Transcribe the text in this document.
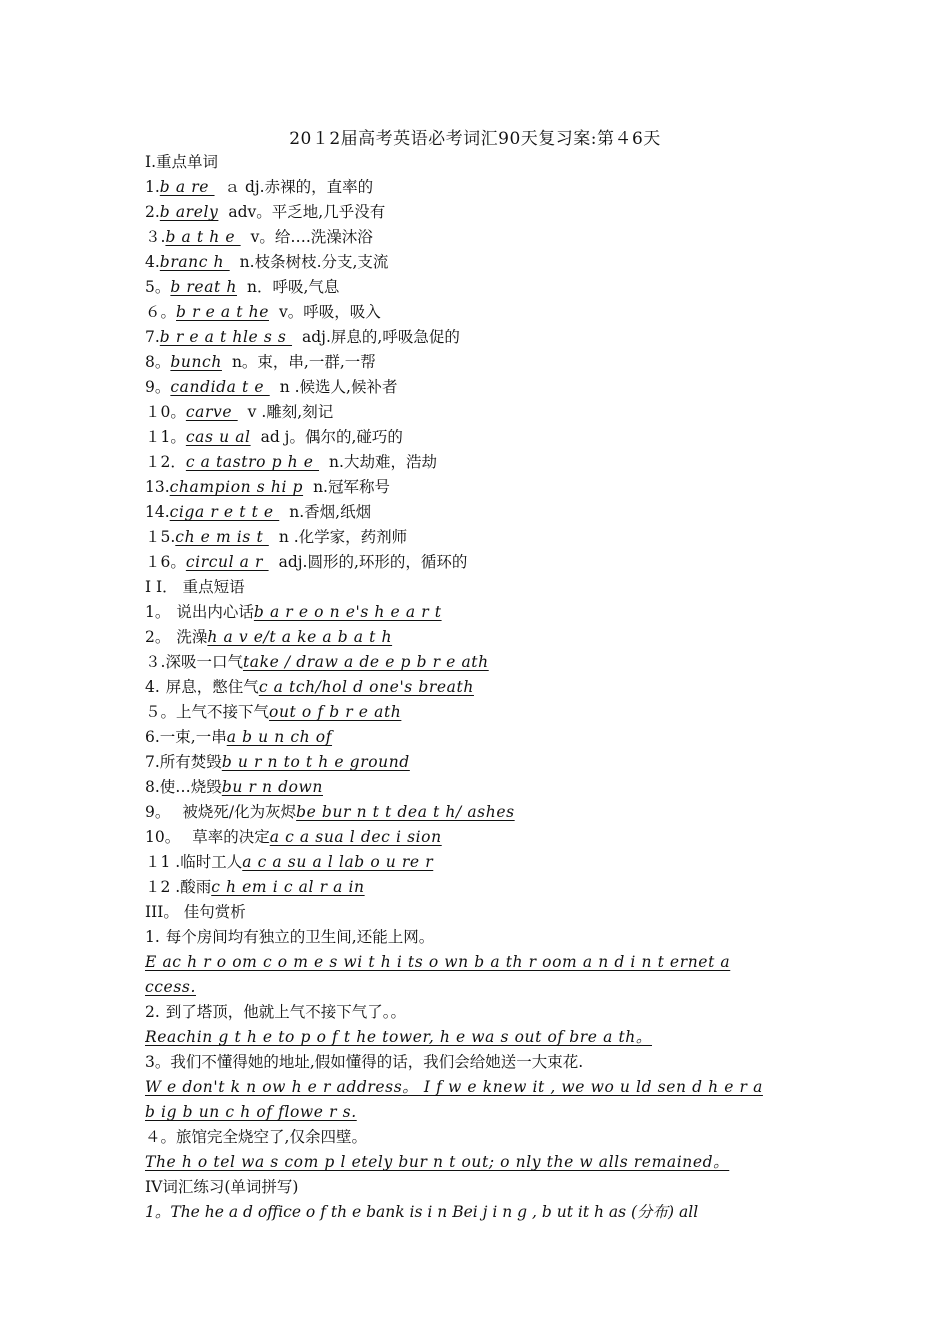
20１2届高考英语必考词汇90天复习案:第４6天
I.重点单词
1.b a re ａ dj.赤裸的，直率的
2.b arely adv。平乏地,几乎没有
３.b a t h e v。给….洗澡沐浴
4.branc h n.枝条树枝.分支,支流
5。b reat h n．呼吸,气息
６。b r e a t he v。呼吸，吸入
7.b r e a t hle s s adj.屏息的,呼吸急促的
8。bunch n。束，串,一群,一帮
9。candida t e n .候选人,候补者
１0。carve v .雕刻,刻记
１1。cas u al ad j。偶尔的,碰巧的
１2．c a tastro p h e n.大劫难，浩劫
13.champion s hi p n.冠军称号
14.ciga r e t t e n.香烟,纸烟
１5.ch e m is t n .化学家，药剂师
１6。circul a r adj.圆形的,环形的，循环的
I I． 重点短语
1。 说出内心话b a r e o n e's h e a r t
2。 洗澡h a v e/t a ke a b a t h
３.深吸一口气take / draw a de e p b r e ath
4. 屏息，憋住气c a tch/hol d one's breath
５。上气不接下气out o f b r e ath
6.一束,一串a b u n ch of
7.所有焚毁b u r n to t h e ground
8.使…烧毁bu r n down
9。 被烧死/化为灰烬be bur n t t dea t h/ ashes
10。 草率的决定a c a sua l dec i sion
１1 .临时工人a c a su a l lab o u re r
１2 .酸雨c h em i c al r a in
III。 佳句赏析
1. 每个房间均有独立的卫生间,还能上网。
E ac h r o om c o m e s wi t h i ts o wn b a th r oom a n d i n t ernet a
ccess.
2. 到了塔顶，他就上气不接下气了。。
Reachin g t h e to p o f t he tower, h e wa s out of bre a th。
3。我们不懂得她的地址,假如懂得的话，我们会给她送一大束花.
W e don't k n ow h e r address。 I f w e knew it , we wo u ld sen d h e r a
b ig b un c h of flowe r s.
４。旅馆完全烧空了,仅余四壁。
The h o tel wa s com p l etely bur n t out; o nly the w alls remained。
IV词汇练习(单词拼写)
1。The he a d office o f th e bank is i n Bei j i n g , b ut it h as (分布) all
